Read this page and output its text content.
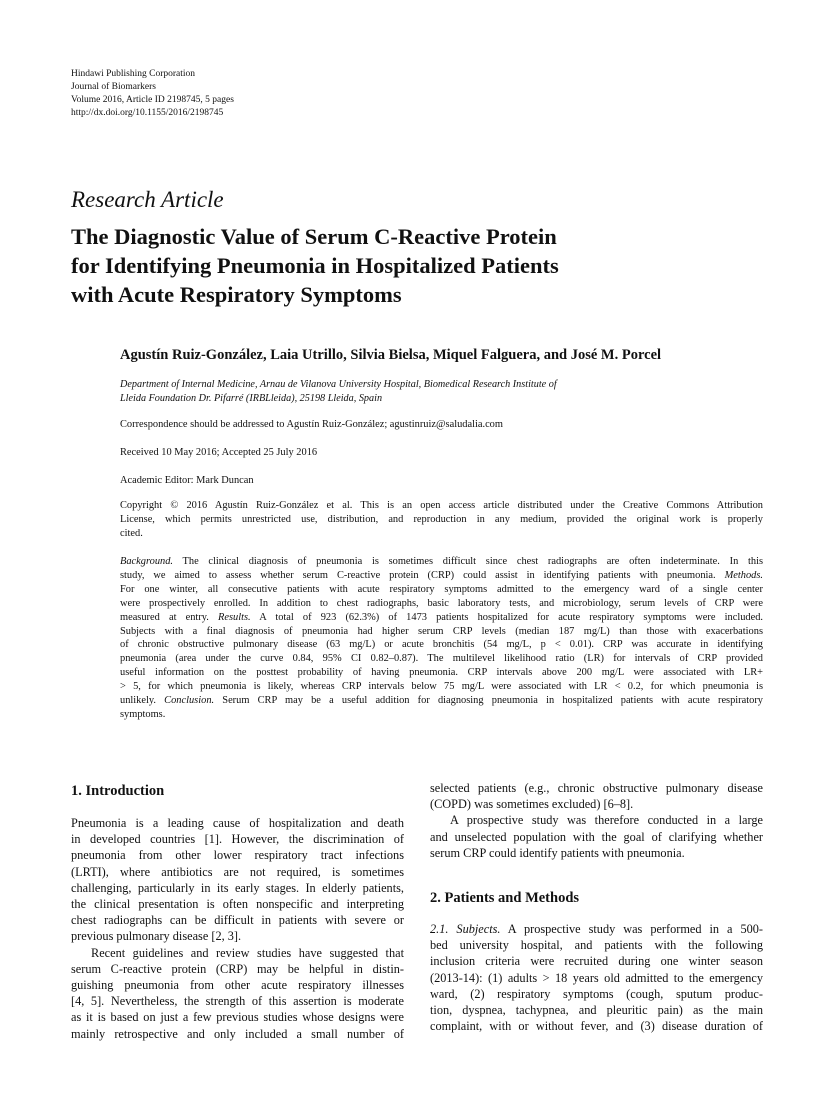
Hindawi Publishing Corporation
Journal of Biomarkers
Volume 2016, Article ID 2198745, 5 pages
http://dx.doi.org/10.1155/2016/2198745
Research Article
The Diagnostic Value of Serum C-Reactive Protein
for Identifying Pneumonia in Hospitalized Patients
with Acute Respiratory Symptoms
Agustín Ruiz-González, Laia Utrillo, Silvia Bielsa, Miquel Falguera, and José M. Porcel
Department of Internal Medicine, Arnau de Vilanova University Hospital, Biomedical Research Institute of
Lleida Foundation Dr. Pifarré (IRBLleida), 25198 Lleida, Spain
Correspondence should be addressed to Agustín Ruiz-González; agustinruiz@saludalia.com
Received 10 May 2016; Accepted 25 July 2016
Academic Editor: Mark Duncan
Copyright © 2016 Agustín Ruiz-González et al. This is an open access article distributed under the Creative Commons Attribution
License, which permits unrestricted use, distribution, and reproduction in any medium, provided the original work is properly
cited.
Background. The clinical diagnosis of pneumonia is sometimes difficult since chest radiographs are often indeterminate. In this
study, we aimed to assess whether serum C-reactive protein (CRP) could assist in identifying patients with pneumonia. Methods.
For one winter, all consecutive patients with acute respiratory symptoms admitted to the emergency ward of a single center
were prospectively enrolled. In addition to chest radiographs, basic laboratory tests, and microbiology, serum levels of CRP were
measured at entry. Results. A total of 923 (62.3%) of 1473 patients hospitalized for acute respiratory symptoms were included.
Subjects with a final diagnosis of pneumonia had higher serum CRP levels (median 187 mg/L) than those with exacerbations
of chronic obstructive pulmonary disease (63 mg/L) or acute bronchitis (54 mg/L, p < 0.01). CRP was accurate in identifying
pneumonia (area under the curve 0.84, 95% CI 0.82–0.87). The multilevel likelihood ratio (LR) for intervals of CRP provided
useful information on the posttest probability of having pneumonia. CRP intervals above 200 mg/L were associated with LR+
> 5, for which pneumonia is likely, whereas CRP intervals below 75 mg/L were associated with LR < 0.2, for which pneumonia is
unlikely. Conclusion. Serum CRP may be a useful addition for diagnosing pneumonia in hospitalized patients with acute respiratory
symptoms.
1. Introduction
Pneumonia is a leading cause of hospitalization and death
in developed countries [1]. However, the discrimination of
pneumonia from other lower respiratory tract infections
(LRTI), where antibiotics are not required, is sometimes
challenging, particularly in its early stages. In elderly patients,
the clinical presentation is often nonspecific and interpreting
chest radiographs can be difficult in patients with severe or
previous pulmonary disease [2, 3].
Recent guidelines and review studies have suggested that
serum C-reactive protein (CRP) may be helpful in distin-
guishing pneumonia from other acute respiratory illnesses
[4, 5]. Nevertheless, the strength of this assertion is moderate
as it is based on just a few previous studies whose designs were
mainly retrospective and only included a small number of
selected patients (e.g., chronic obstructive pulmonary disease
(COPD) was sometimes excluded) [6–8].
A prospective study was therefore conducted in a large
and unselected population with the goal of clarifying whether
serum CRP could identify patients with pneumonia.
2. Patients and Methods
2.1. Subjects. A prospective study was performed in a 500-
bed university hospital, and patients with the following
inclusion criteria were recruited during one winter season
(2013-14): (1) adults > 18 years old admitted to the emergency
ward, (2) respiratory symptoms (cough, sputum produc-
tion, dyspnea, tachypnea, and pleuritic pain) as the main
complaint, with or without fever, and (3) disease duration of
